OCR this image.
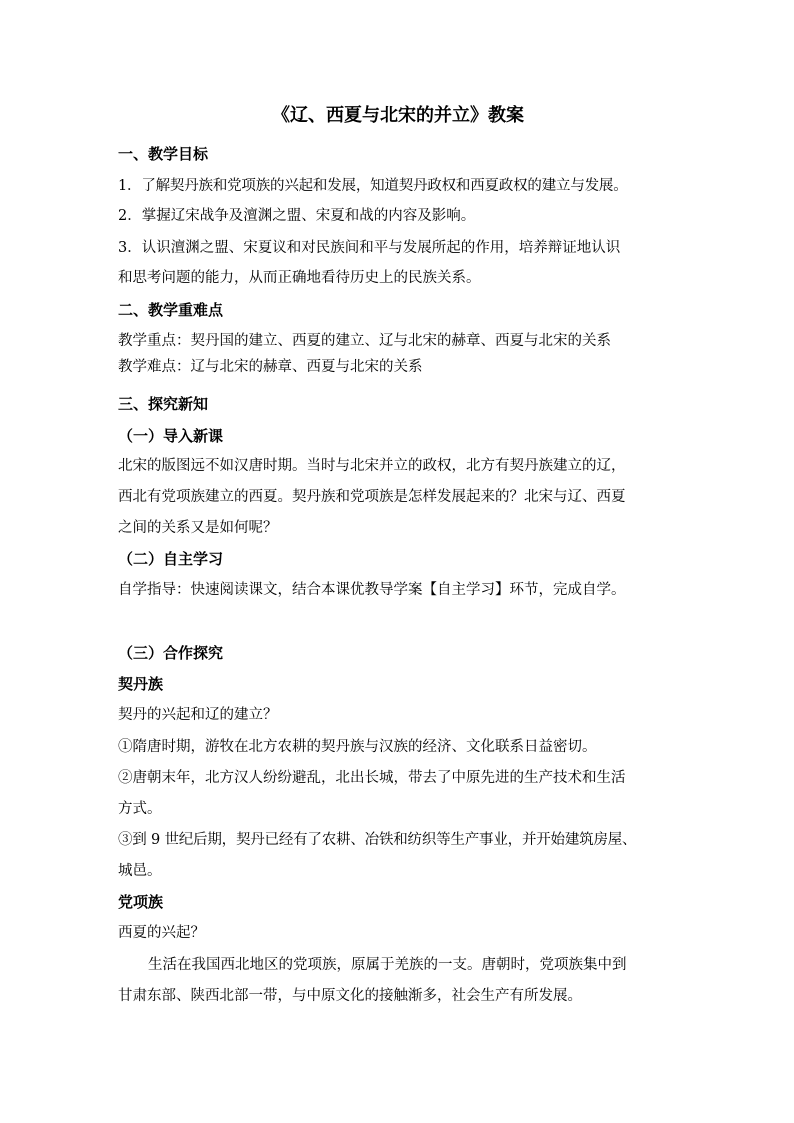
《辽、西夏与北宋的并立》教案
一、教学目标
1．了解契丹族和党项族的兴起和发展，知道契丹政权和西夏政权的建立与发展。
2．掌握辽宋战争及澶渊之盟、宋夏和战的内容及影响。
3．认识澶渊之盟、宋夏议和对民族间和平与发展所起的作用，培养辩证地认识
和思考问题的能力，从而正确地看待历史上的民族关系。
二、教学重难点
教学重点：契丹国的建立、西夏的建立、辽与北宋的赫章、西夏与北宋的关系
教学难点：辽与北宋的赫章、西夏与北宋的关系
三、探究新知
（一）导入新课
北宋的版图远不如汉唐时期。当时与北宋并立的政权，北方有契丹族建立的辽，
西北有党项族建立的西夏。契丹族和党项族是怎样发展起来的？北宋与辽、西夏
之间的关系又是如何呢？
（二）自主学习
自学指导：快速阅读课文，结合本课优教导学案【自主学习】环节，完成自学。
（三）合作探究
契丹族
契丹的兴起和辽的建立？
①隋唐时期，游牧在北方农耕的契丹族与汉族的经济、文化联系日益密切。
②唐朝末年，北方汉人纷纷避乱，北出长城，带去了中原先进的生产技术和生活
方式。
③到 9 世纪后期，契丹已经有了农耕、冶铁和纺织等生产事业，并开始建筑房屋、
城邑。
党项族
西夏的兴起？
生活在我国西北地区的党项族，原属于羌族的一支。唐朝时，党项族集中到
甘肃东部、陕西北部一带，与中原文化的接触渐多，社会生产有所发展。
